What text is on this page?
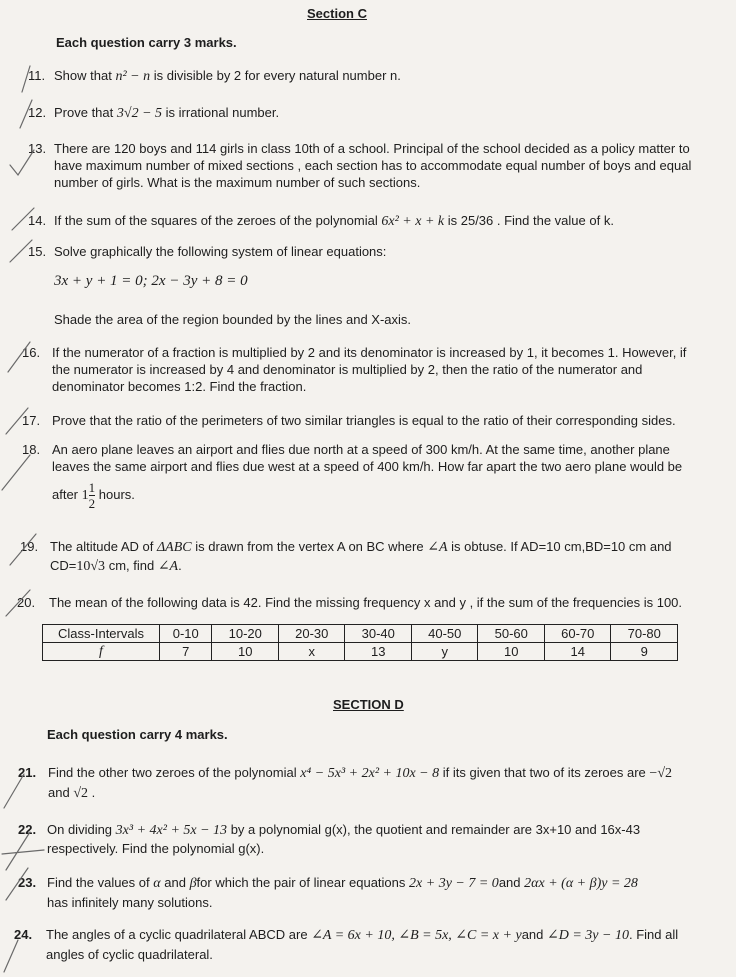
Section C
Each question carry 3 marks.
11. Show that n² − n is divisible by 2 for every natural number n.
12. Prove that 3√2 − 5 is irrational number.
13. There are 120 boys and 114 girls in class 10th of a school. Principal of the school decided as a policy matter to
have maximum number of mixed sections , each section has to accommodate equal number of boys and equal
number of girls. What is the maximum number of such sections.
14. If the sum of the squares of the zeroes of the polynomial 6x² + x + k is 25/36 . Find the value of k.
15. Solve graphically the following system of linear equations:
3x + y + 1 = 0; 2x − 3y + 8 = 0
Shade the area of the region bounded by the lines and X-axis.
16. If the numerator of a fraction is multiplied by 2 and its denominator is increased by 1, it becomes 1. However, if
the numerator is increased by 4 and denominator is multiplied by 2, then the ratio of the numerator and
denominator becomes 1:2. Find the fraction.
17. Prove that the ratio of the perimeters of two similar triangles is equal to the ratio of their corresponding sides.
18. An aero plane leaves an airport and flies due north at a speed of 300 km/h. At the same time, another plane
leaves the same airport and flies due west at a speed of 400 km/h. How far apart the two aero plane would be
after $1 \frac{1}{2}$ hours.
19. The altitude AD of ΔABC is drawn from the vertex A on BC where ∠A is obtuse. If AD=10 cm,BD=10 cm and
CD=10√3 cm, find ∠A.
20. The mean of the following data is 42. Find the missing frequency x and y , if the sum of the frequencies is 100.
Class-Intervals	0-10	10-20	20-30	30-40	40-50	50-60	60-70	70-80
f	7	10	x	13	y	10	14	9
SECTION D
Each question carry 4 marks.
21. Find the other two zeroes of the polynomial x⁴ − 5x³ + 2x² + 10x − 8 if its given that two of its zeroes are −√2
and √2 .
22. On dividing 3x³ + 4x² + 5x − 13 by a polynomial g(x), the quotient and remainder are 3x+10 and 16x-43
respectively. Find the polynomial g(x).
23. Find the values of α and βfor which the pair of linear equations 2x + 3y − 7 = 0and 2αx + (α + β)y = 28
has infinitely many solutions.
24. The angles of a cyclic quadrilateral ABCD are ∠A = 6x + 10, ∠B = 5x, ∠C = x + yand ∠D = 3y − 10. Find all
angles of cyclic quadrilateral.
